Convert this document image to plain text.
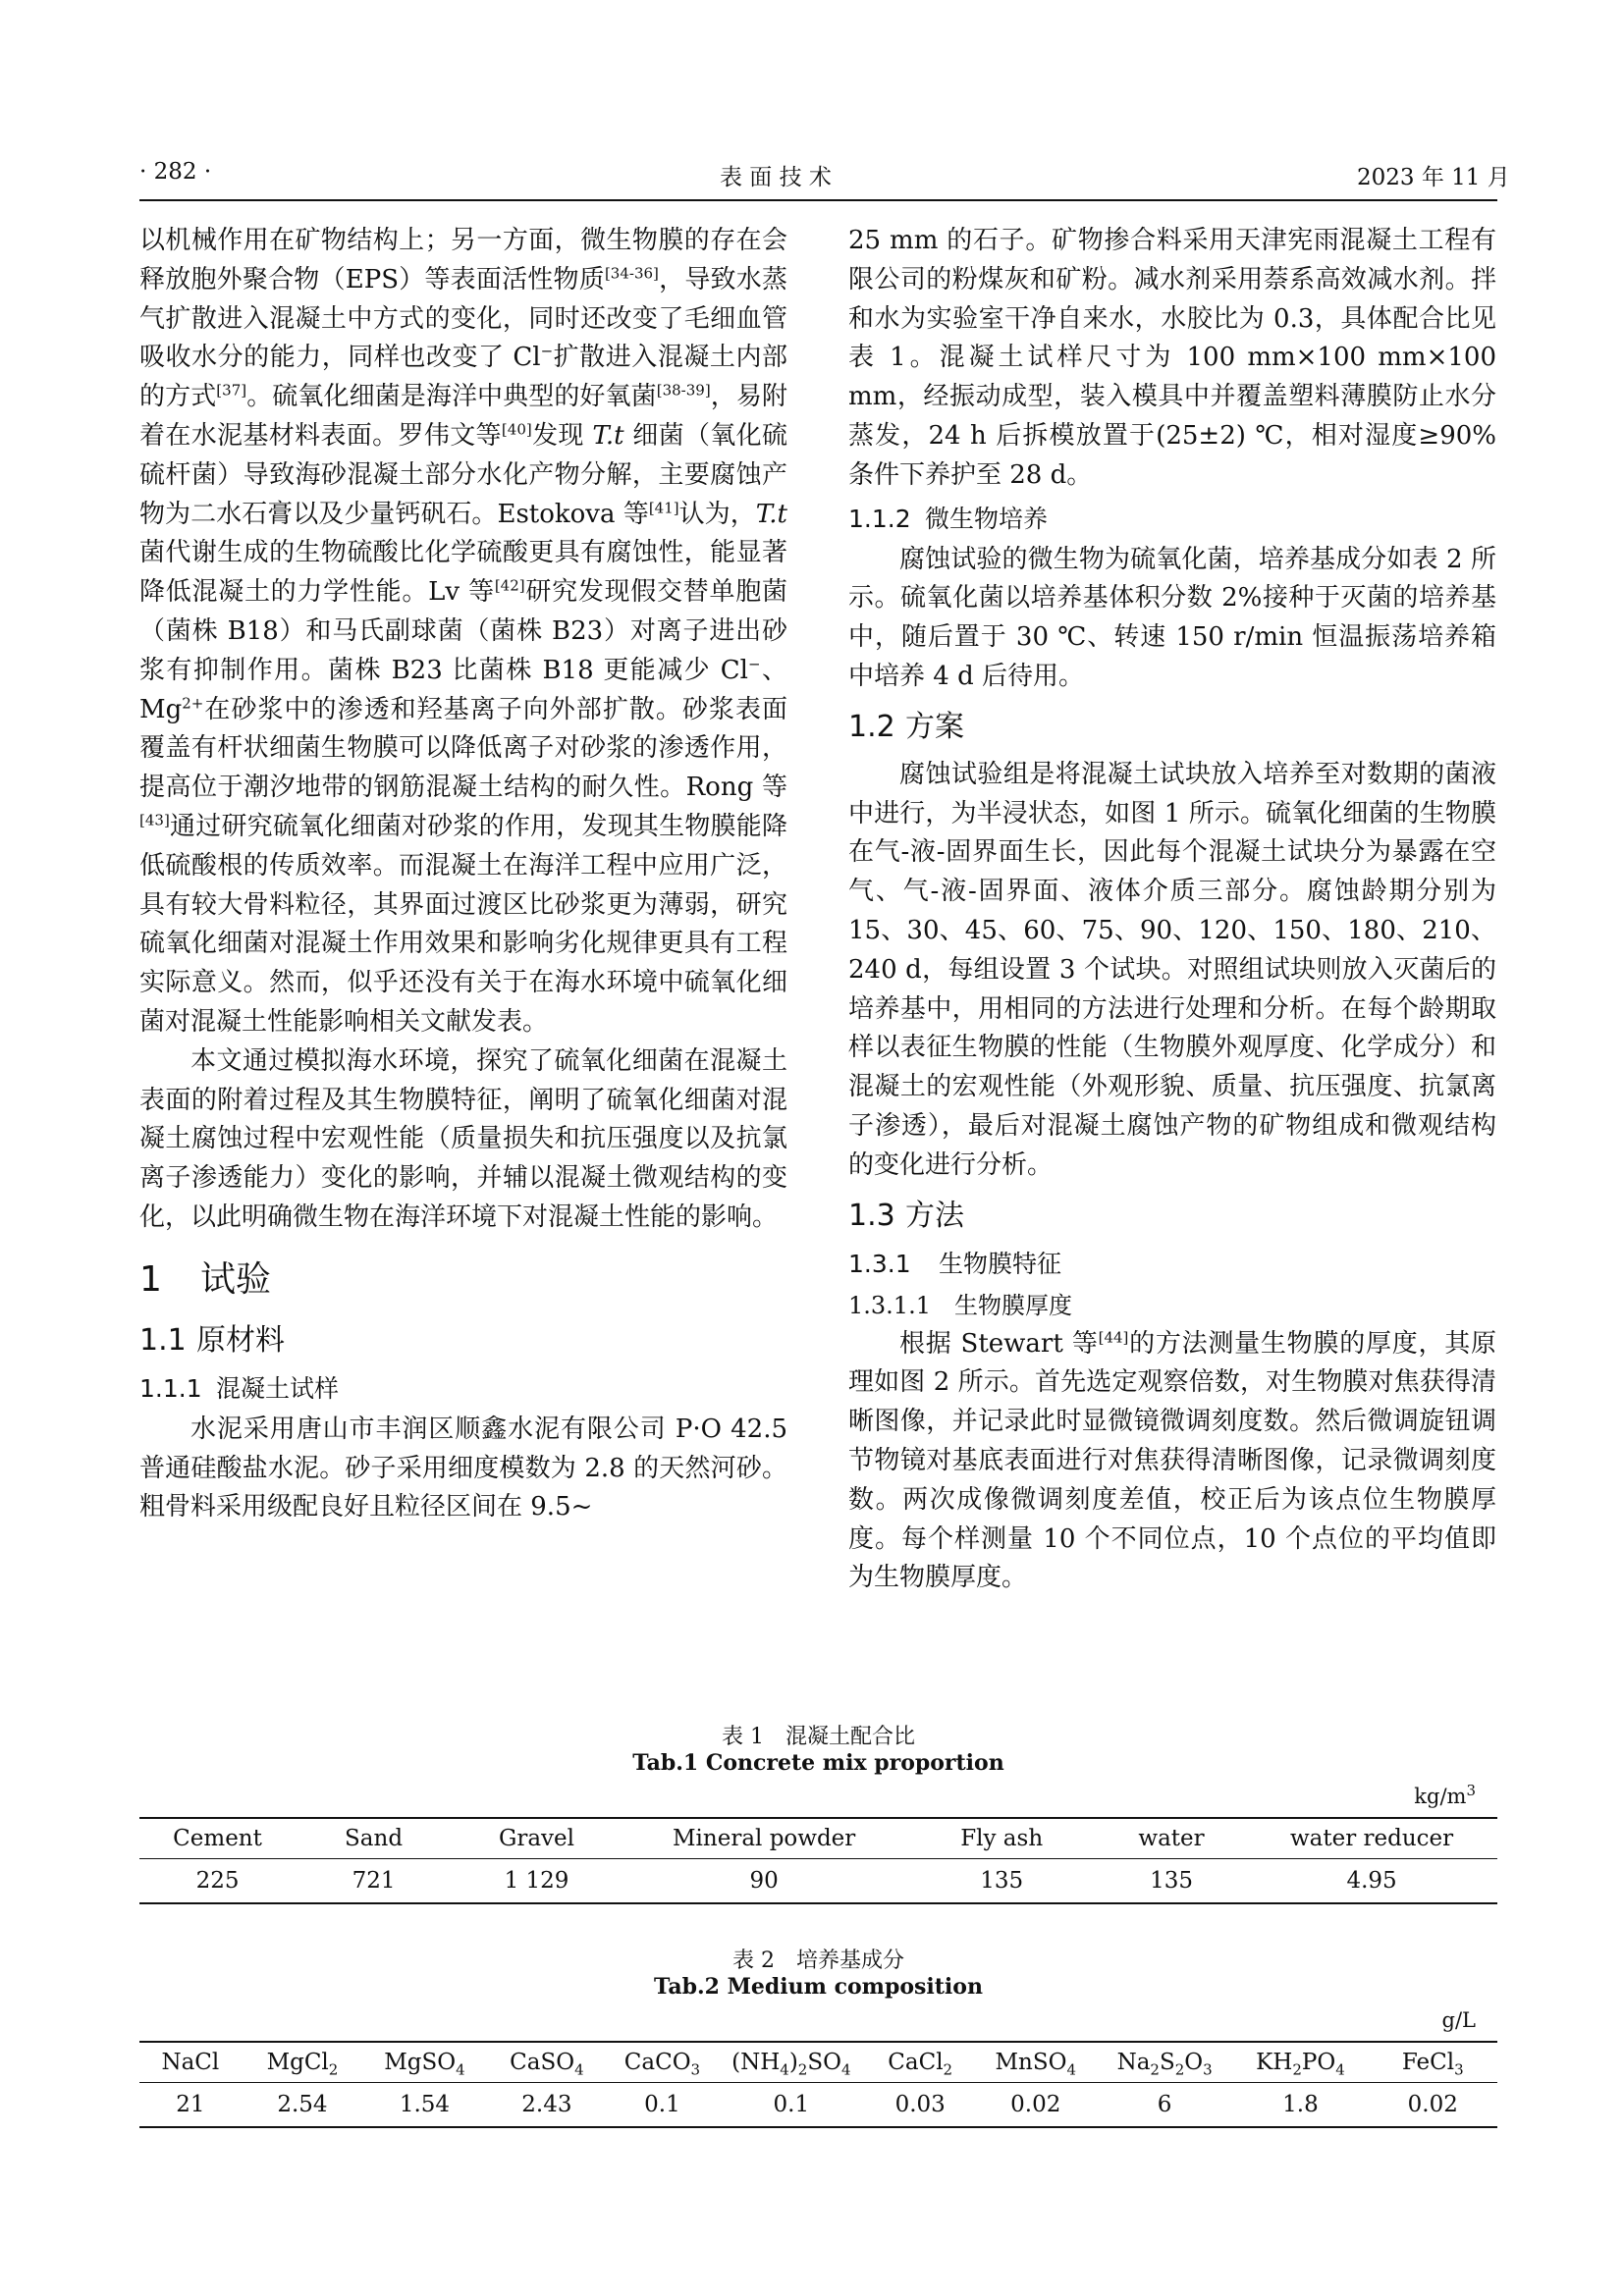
· 282 ·	表 面 技 术	2023 年 11 月

以机械作用在矿物结构上；另一方面，微生物膜的存在会释放胞外聚合物（EPS）等表面活性物质[34-36]，导致水蒸气扩散进入混凝土中方式的变化，同时还改变了毛细血管吸收水分的能力，同样也改变了 Cl−扩散进入混凝土内部的方式[37]。硫氧化细菌是海洋中典型的好氧菌[38-39]，易附着在水泥基材料表面。罗伟文等[40]发现 T.t 细菌（氧化硫硫杆菌）导致海砂混凝土部分水化产物分解，主要腐蚀产物为二水石膏以及少量钙矾石。Estokova 等[41]认为，T.t 菌代谢生成的生物硫酸比化学硫酸更具有腐蚀性，能显著降低混凝土的力学性能。Lv 等[42]研究发现假交替单胞菌（菌株 B18）和马氏副球菌（菌株 B23）对离子进出砂浆有抑制作用。菌株 B23 比菌株 B18 更能减少 Cl−、$Mg^{2+}$在砂浆中的渗透和羟基离子向外部扩散。砂浆表面覆盖有杆状细菌生物膜可以降低离子对砂浆的渗透作用，提高位于潮汐地带的钢筋混凝土结构的耐久性。Rong 等[43]通过研究硫氧化细菌对砂浆的作用，发现其生物膜能降低硫酸根的传质效率。而混凝土在海洋工程中应用广泛，具有较大骨料粒径，其界面过渡区比砂浆更为薄弱，研究硫氧化细菌对混凝土作用效果和影响劣化规律更具有工程实际意义。然而，似乎还没有关于在海水环境中硫氧化细菌对混凝土性能影响相关文献发表。

本文通过模拟海水环境，探究了硫氧化细菌在混凝土表面的附着过程及其生物膜特征，阐明了硫氧化细菌对混凝土腐蚀过程中宏观性能（质量损失和抗压强度以及抗氯离子渗透能力）变化的影响，并辅以混凝土微观结构的变化，以此明确微生物在海洋环境下对混凝土性能的影响。

1 试验
1.1 原材料
1.1.1 混凝土试样

水泥采用唐山市丰润区顺鑫水泥有限公司 P·O 42.5 普通硅酸盐水泥。砂子采用细度模数为 2.8 的天然河砂。粗骨料采用级配良好且粒径区间在 9.5~

25 mm 的石子。矿物掺合料采用天津宪雨混凝土工程有限公司的粉煤灰和矿粉。减水剂采用萘系高效减水剂。拌和水为实验室干净自来水，水胶比为 0.3，具体配合比见表 1。混凝土试样尺寸为 100 mm×100 mm×100 mm，经振动成型，装入模具中并覆盖塑料薄膜防止水分蒸发，24 h 后拆模放置于(25±2) ℃，相对湿度≥90%条件下养护至 28 d。

1.1.2 微生物培养

腐蚀试验的微生物为硫氧化菌，培养基成分如表 2 所示。硫氧化菌以培养基体积分数 2%接种于灭菌的培养基中，随后置于 30 ℃、转速 150 r/min 恒温振荡培养箱中培养 4 d 后待用。

1.2 方案

腐蚀试验组是将混凝土试块放入培养至对数期的菌液中进行，为半浸状态，如图 1 所示。硫氧化细菌的生物膜在气-液-固界面生长，因此每个混凝土试块分为暴露在空气、气-液-固界面、液体介质三部分。腐蚀龄期分别为 15、30、45、60、75、90、120、150、180、210、240 d，每组设置 3 个试块。对照组试块则放入灭菌后的培养基中，用相同的方法进行处理和分析。在每个龄期取样以表征生物膜的性能（生物膜外观厚度、化学成分）和混凝土的宏观性能（外观形貌、质量、抗压强度、抗氯离子渗透），最后对混凝土腐蚀产物的矿物组成和微观结构的变化进行分析。

1.3 方法
1.3.1 生物膜特征
1.3.1.1 生物膜厚度

根据 Stewart 等[44]的方法测量生物膜的厚度，其原理如图 2 所示。首先选定观察倍数，对生物膜对焦获得清晰图像，并记录此时显微镜微调刻度数。然后微调旋钮调节物镜对基底表面进行对焦获得清晰图像，记录微调刻度数。两次成像微调刻度差值，校正后为该点位生物膜厚度。每个样测量 10 个不同位点，10 个点位的平均值即为生物膜厚度。

表 1　混凝土配合比
Tab.1 Concrete mix proportion
$kg/m^3$
Cement	Sand	Gravel	Mineral powder	Fly ash	water	water reducer
225	721	1 129	90	135	135	4.95
表 2　培养基成分
Tab.2 Medium composition
g/L
NaCl	MgCl$_2$	MgSO$_4$	CaSO$_4$	CaCO$_3$	$(NH_4)_2SO_4$	CaCl$_2$	MnSO$_4$	$Na_2S_2O_3$	$KH_2PO_4$	FeCl$_3$
21	2.54	1.54	2.43	0.1	0.1	0.03	0.02	6	1.8	0.02
